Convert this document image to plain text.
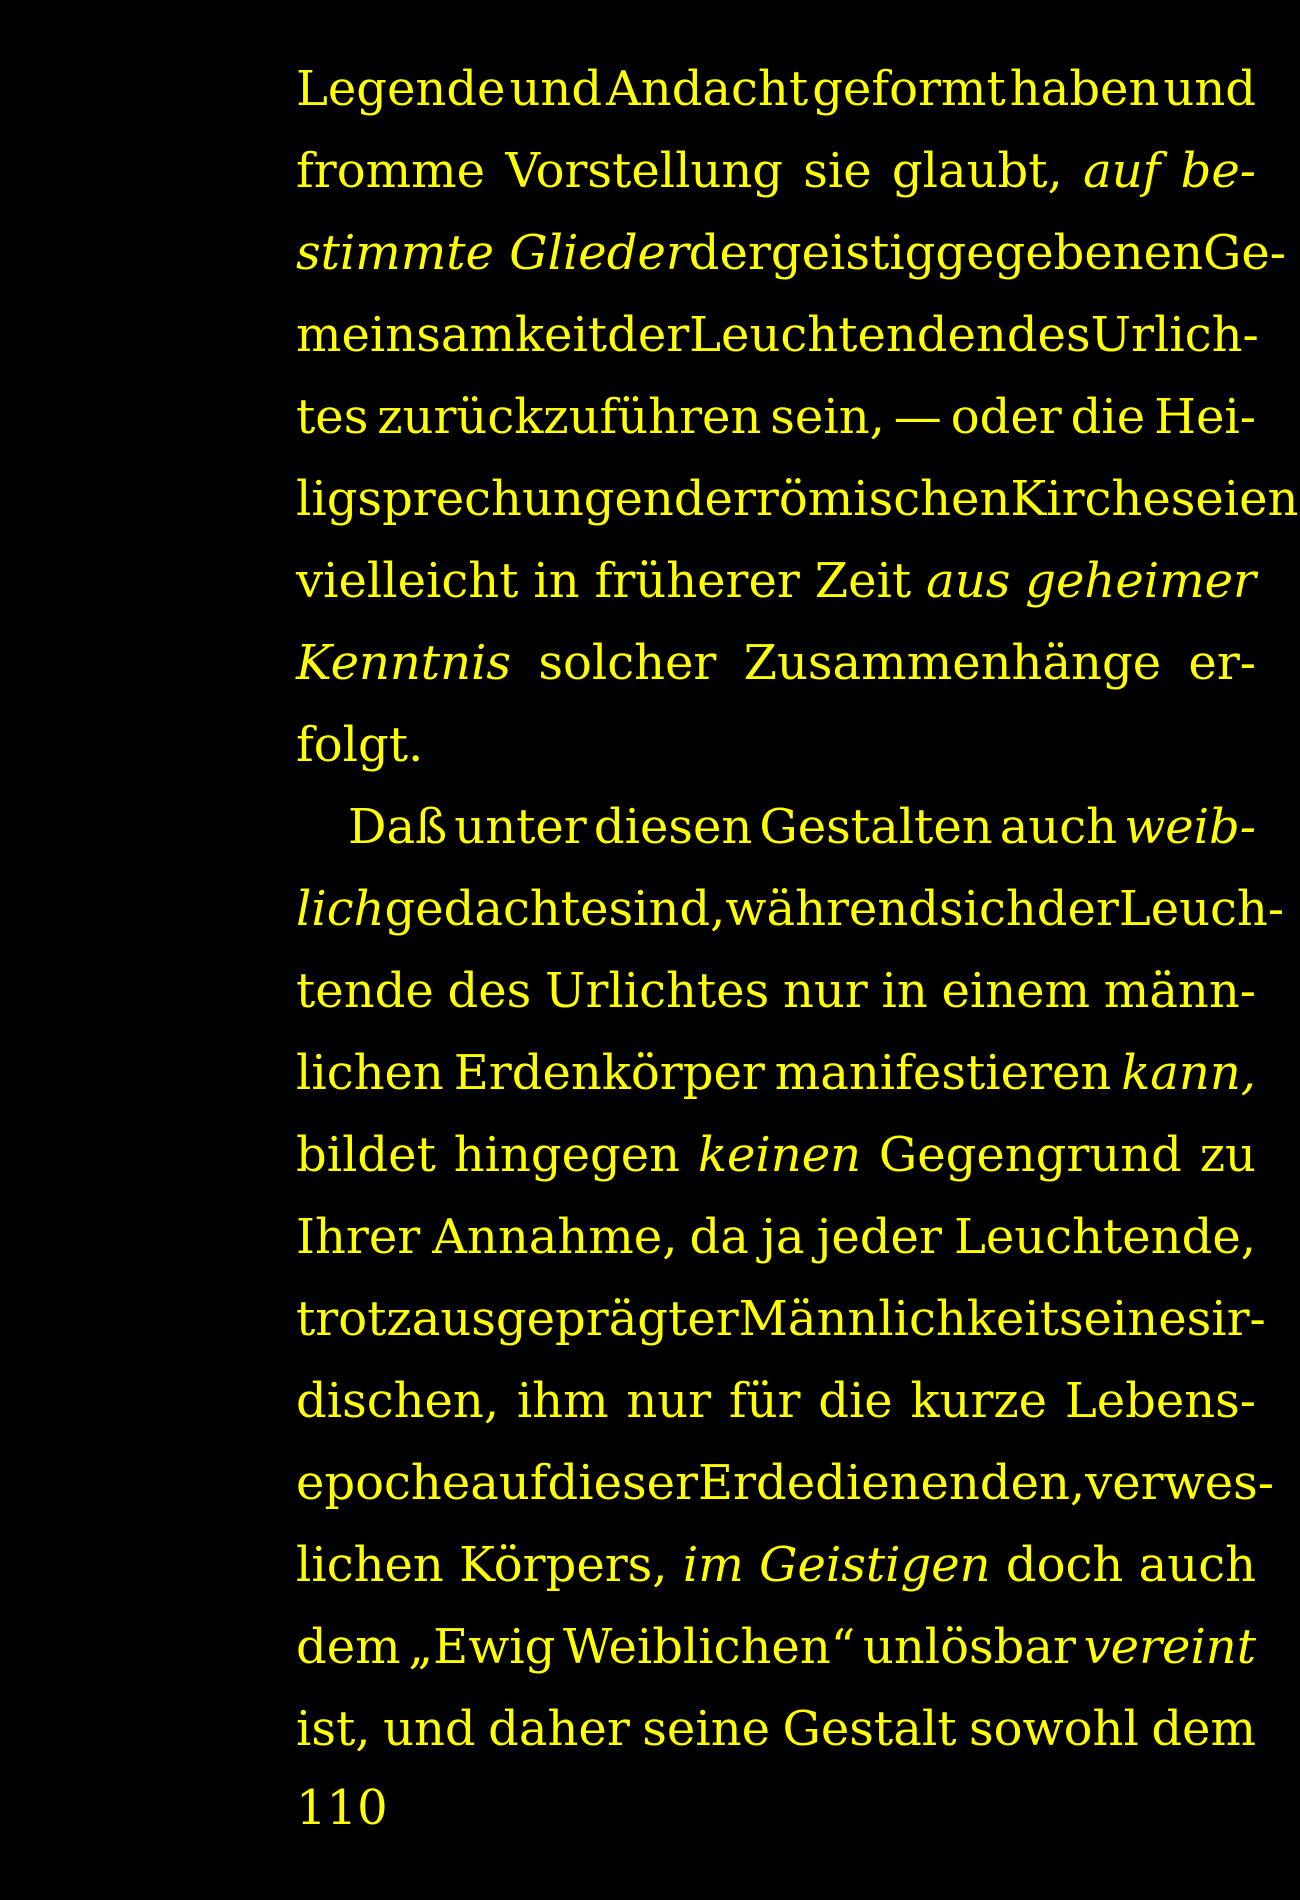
Legende und Andacht geformt haben und
fromme Vorstellung sie glaubt, auf be-
stimmte Glieder der geistig gegebenen Ge-
meinsamkeit der Leuchtenden des Urlich-
tes zurückzuführen sein, — oder die Hei-
ligsprechungen der römischen Kirche seien
vielleicht in früherer Zeit aus geheimer
Kenntnis solcher Zusammenhänge er-
folgt.
Daß unter diesen Gestalten auch weib-
lich gedachte sind, während sich der Leuch-
tende des Urlichtes nur in einem männ-
lichen Erdenkörper manifestieren kann,
bildet hingegen keinen Gegengrund zu
Ihrer Annahme, da ja jeder Leuchtende,
trotz ausgeprägter Männlichkeit seines ir-
dischen, ihm nur für die kurze Lebens-
epoche auf dieser Erde dienenden, verwes-
lichen Körpers, im Geistigen doch auch
dem „Ewig Weiblichen“ unlösbar vereint
ist, und daher seine Gestalt sowohl dem
110
